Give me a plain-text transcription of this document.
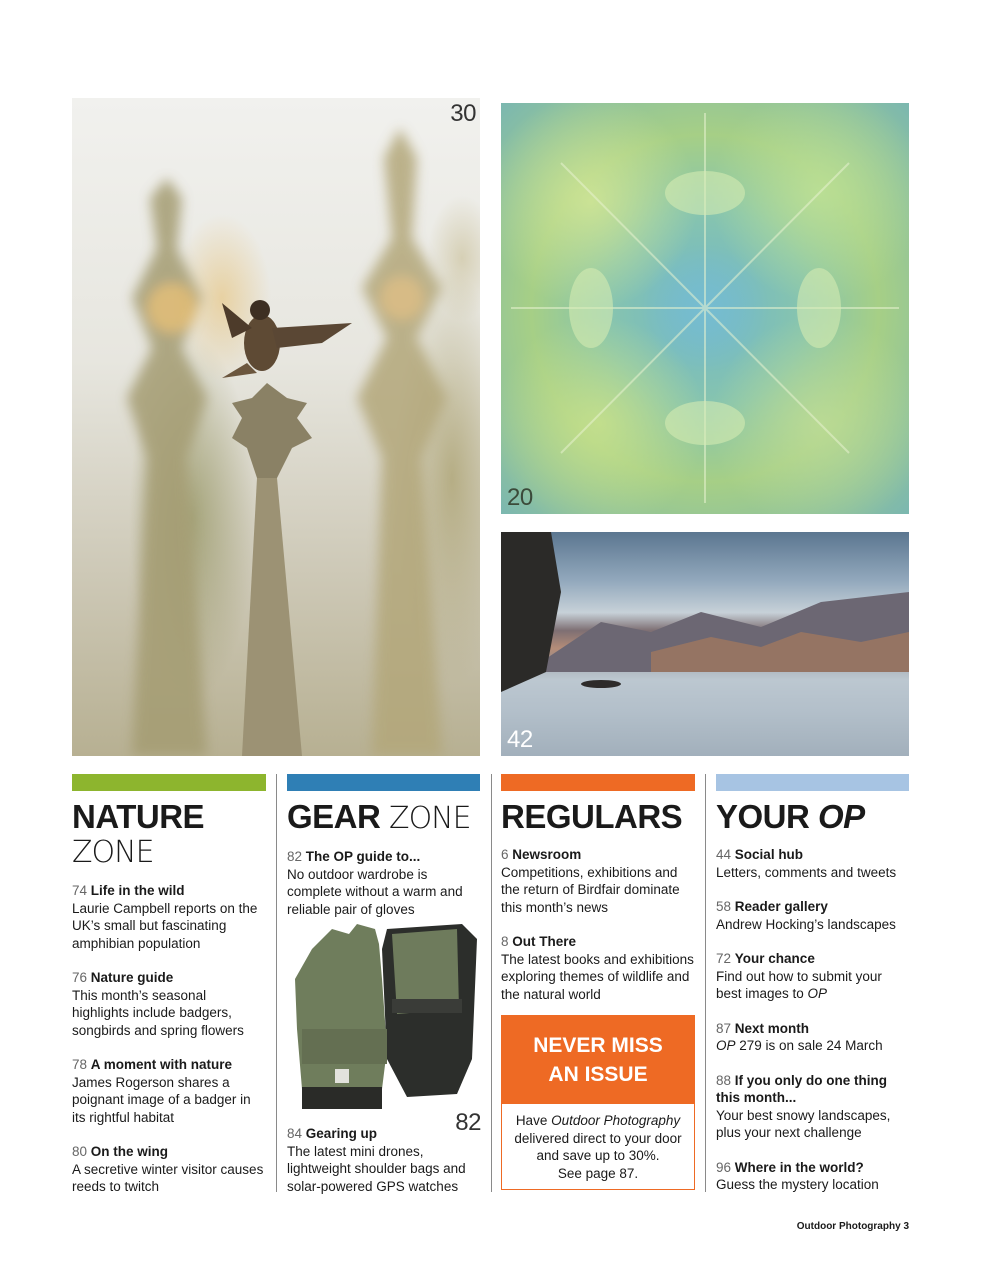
30
20
42
NATURE
ZONE
74 Life in the wild
Laurie Campbell reports on the UK’s small but fascinating amphibian population
76 Nature guide
This month’s seasonal highlights include badgers, songbirds and spring flowers
78 A moment with nature
James Rogerson shares a poignant image of a badger in its rightful habitat
80 On the wing
A secretive winter visitor causes reeds to twitch
GEAR ZONE
82 The OP guide to...
No outdoor wardrobe is complete without a warm and reliable pair of gloves
82
84 Gearing up
The latest mini drones, lightweight shoulder bags and solar-powered GPS watches
REGULARS
6 Newsroom
Competitions, exhibitions and the return of Birdfair dominate this month’s news
8 Out There
The latest books and exhibitions exploring themes of wildlife and the natural world
NEVER MISS
AN ISSUE
Have Outdoor Photography delivered direct to your door and save up to 30%.
See page 87.
YOUR OP
44 Social hub
Letters, comments and tweets
58 Reader gallery
Andrew Hocking’s landscapes
72 Your chance
Find out how to submit your best images to OP
87 Next month
OP 279 is on sale 24 March
88 If you only do one thing this month...
Your best snowy landscapes, plus your next challenge
96 Where in the world?
Guess the mystery location
Outdoor Photography 3
